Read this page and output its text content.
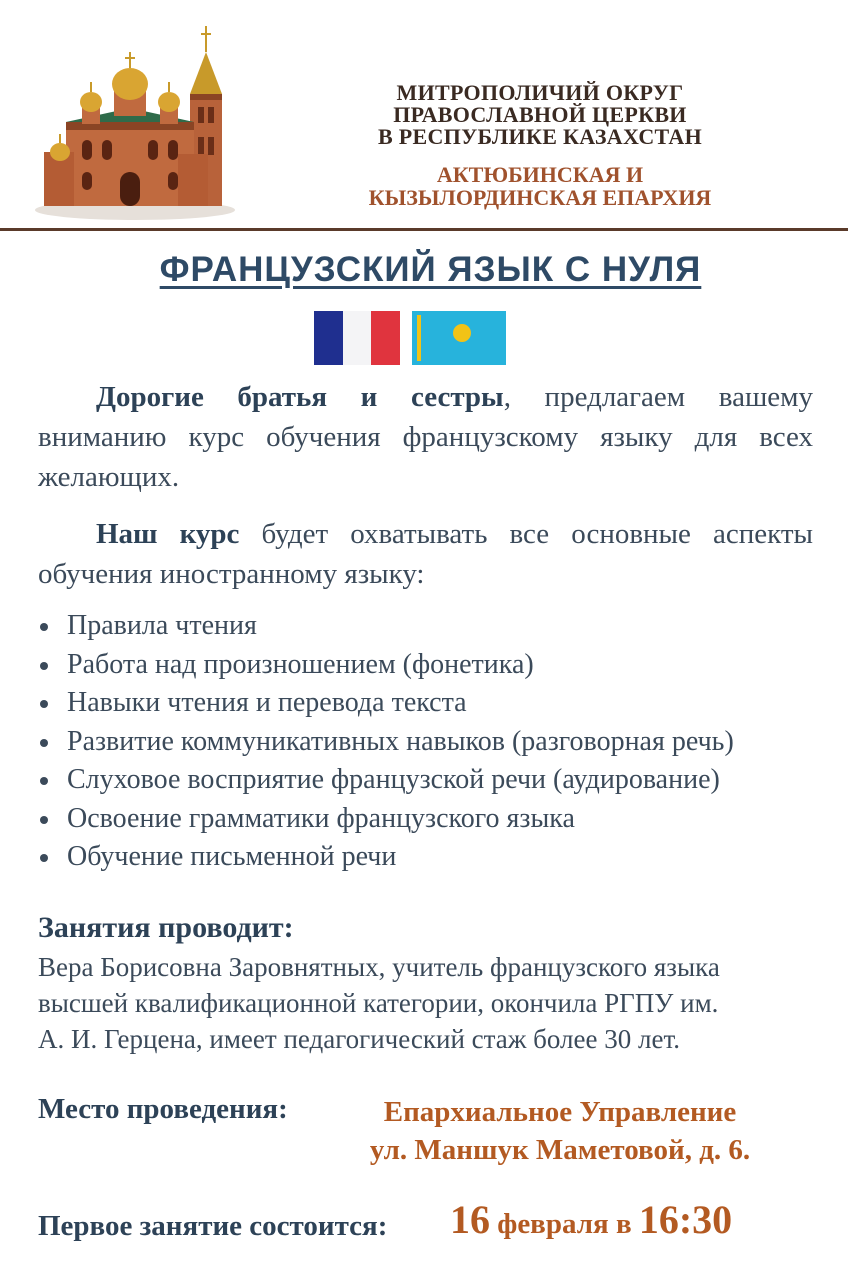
МИТРОПОЛИЧИЙ ОКРУГ
ПРАВОСЛАВНОЙ ЦЕРКВИ
В РЕСПУБЛИКЕ КАЗАХСТАН
АКТЮБИНСКАЯ И
КЫЗЫЛОРДИНСКАЯ ЕПАРХИЯ
ФРАНЦУЗСКИЙ ЯЗЫК С НУЛЯ
Дорогие братья и сестры, предлагаем вашему вниманию курс обучения французскому языку для всех желающих.
Наш курс будет охватывать все основные аспекты обучения иностранному языку:
Правила чтения
Работа над произношением (фонетика)
Навыки чтения и перевода текста
Развитие коммуникативных навыков (разговорная речь)
Слуховое восприятие французской речи (аудирование)
Освоение грамматики французского языка
Обучение письменной речи
Занятия проводит:
Вера Борисовна Заровнятных, учитель французского языка
высшей квалификационной категории, окончила РГПУ им.
А. И. Герцена, имеет педагогический стаж более 30 лет.
Место проведения:	Епархиальное Управление
ул. Маншук Маметовой, д. 6.
Первое занятие состоится: 16 февраля в 16:30
